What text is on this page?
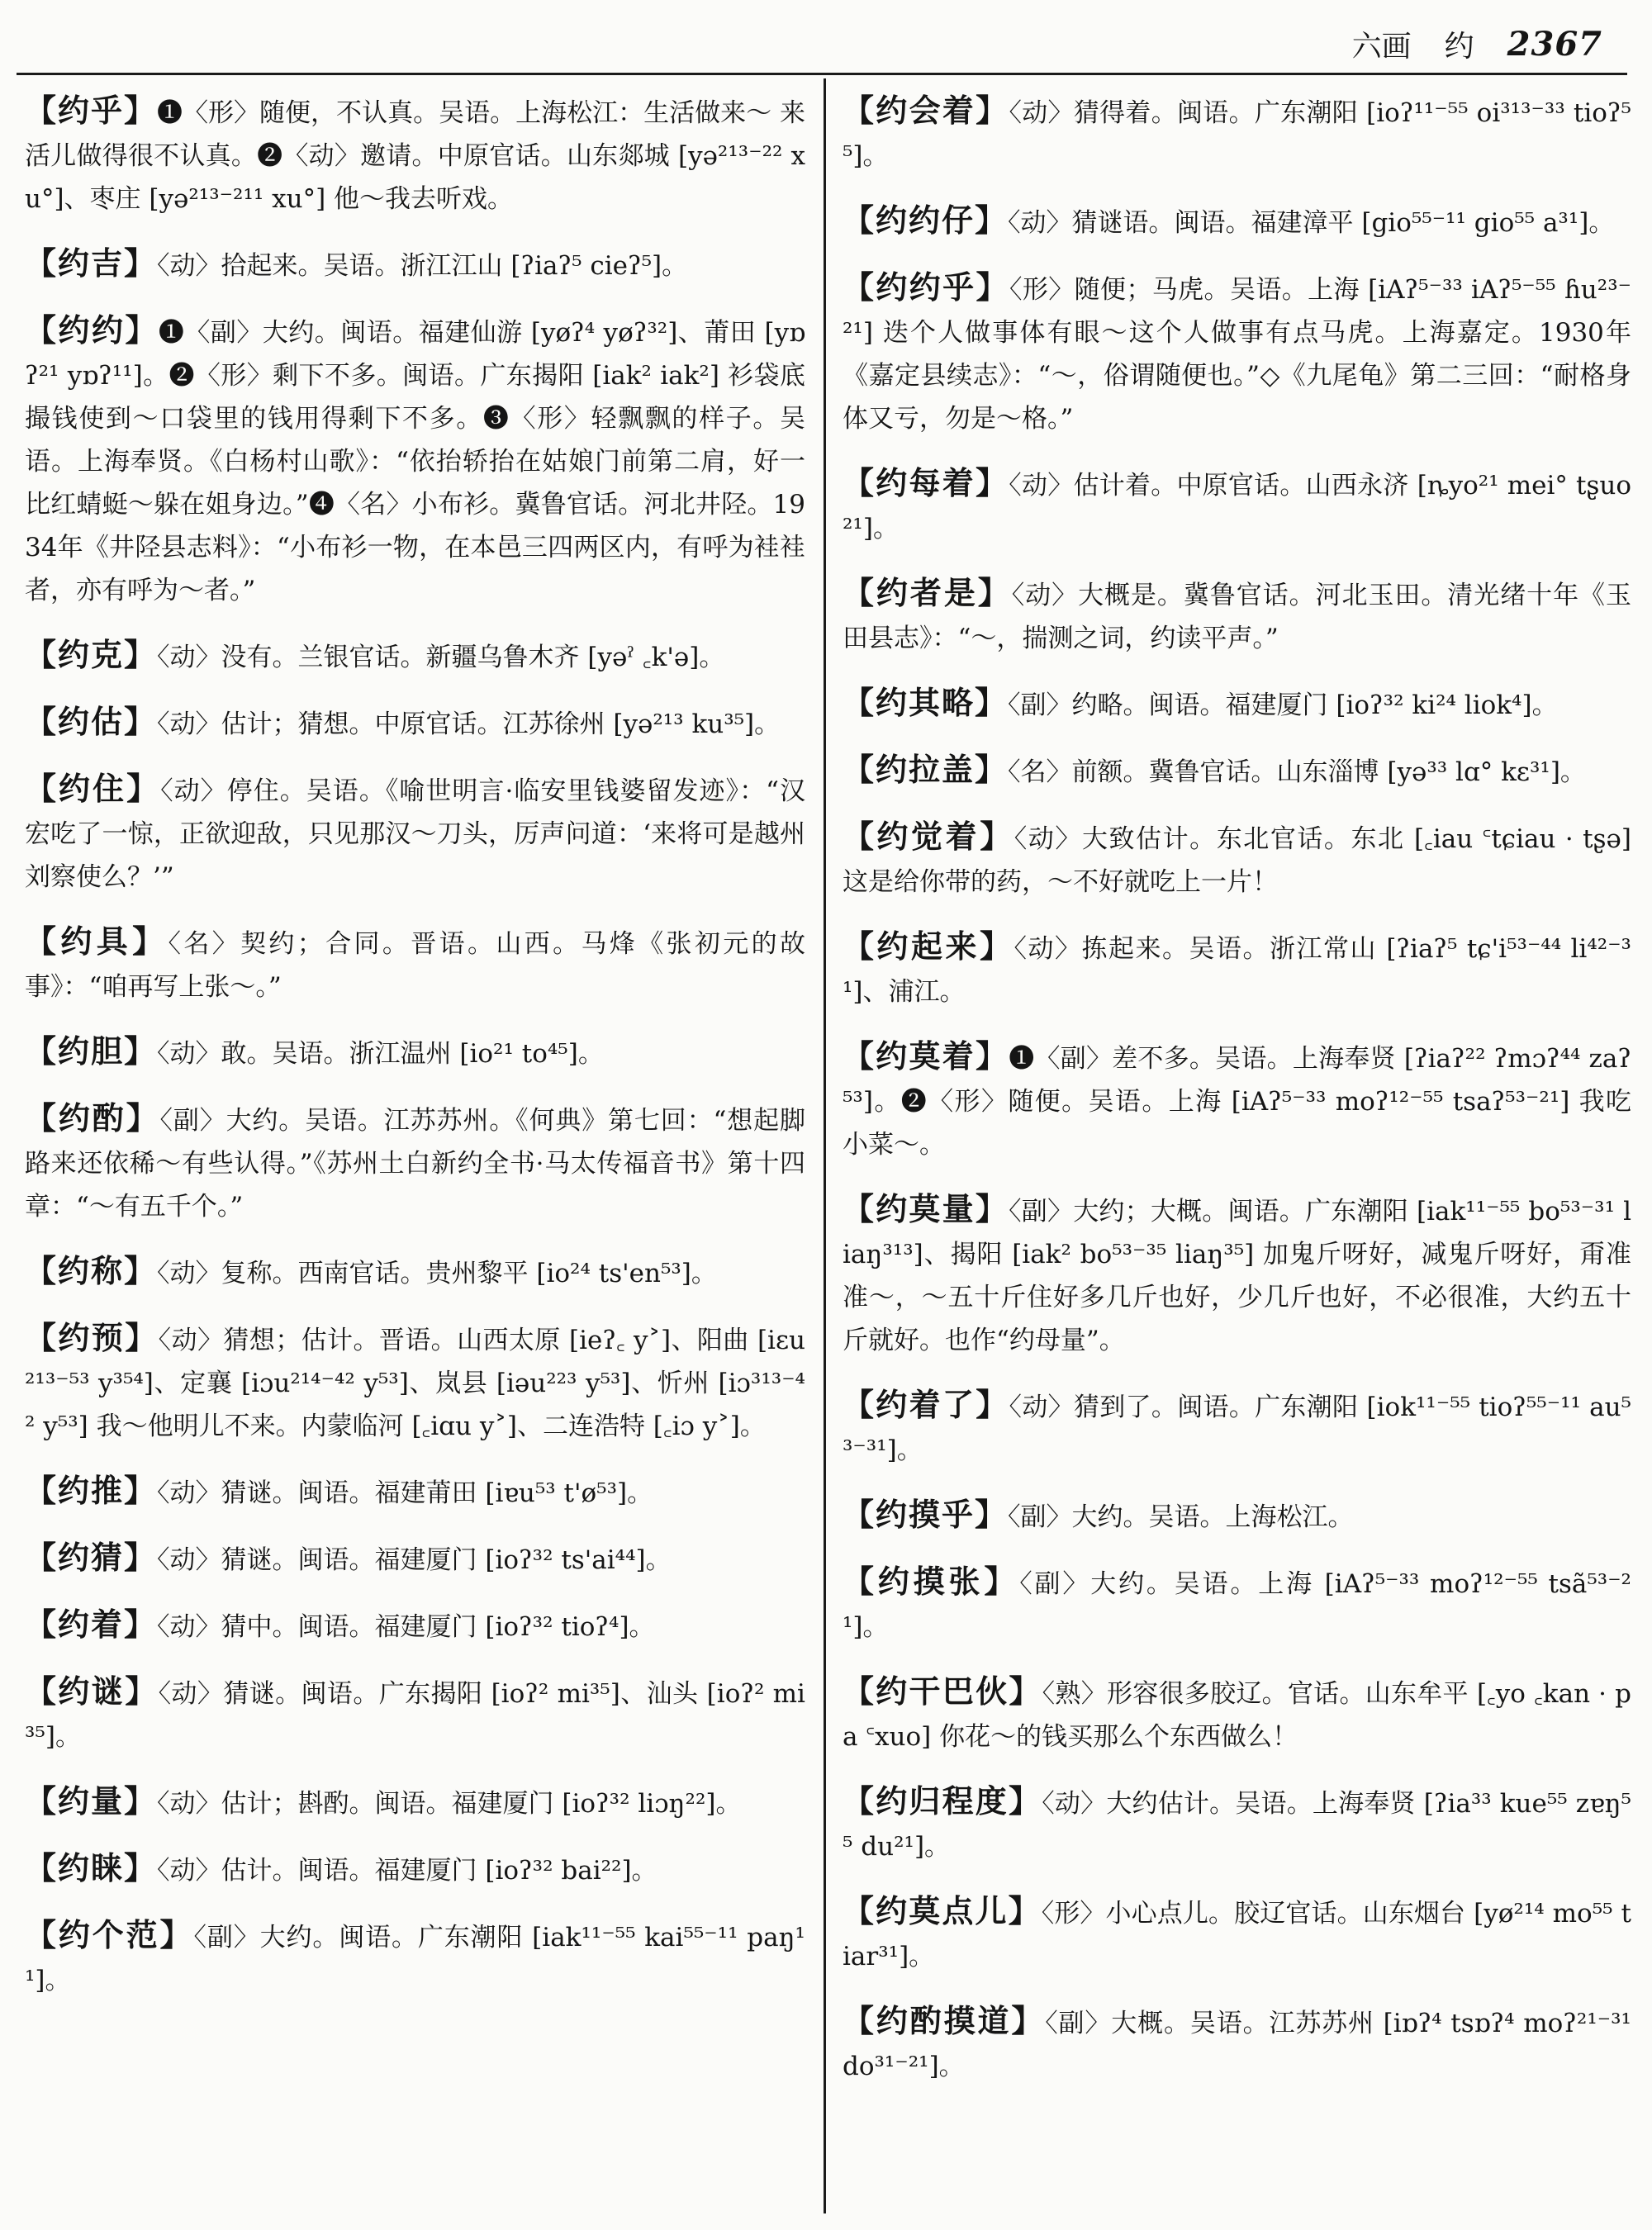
六画 约 2367

【约乎】❶〈形〉随便，不认真。吴语。上海松江：生活做来～ 来活儿做得很不认真。❷〈动〉邀请。中原官话。山东郯城 [yə²¹³⁻²² xu°]、枣庄 [yə²¹³⁻²¹¹ xu°] 他～我去听戏。

【约吉】〈动〉拾起来。吴语。浙江江山 [ʔiaʔ⁵ cieʔ⁵]。

【约约】❶〈副〉大约。闽语。福建仙游 [yøʔ⁴ yøʔ³²]、莆田 [yɒʔ²¹ yɒʔ¹¹]。❷〈形〉剩下不多。闽语。广东揭阳 [iak² iak²] 衫袋底撮钱使到～口袋里的钱用得剩下不多。❸〈形〉轻飘飘的样子。吴语。上海奉贤。《白杨村山歌》：“依抬轿抬在姑娘门前第二肩，好一比红蜻蜓～躲在姐身边。”❹〈名〉小布衫。冀鲁官话。河北井陉。1934年《井陉县志料》：“小布衫一物，在本邑三四两区内，有呼为袿袿者，亦有呼为～者。”

【约克】〈动〉没有。兰银官话。新疆乌鲁木齐 [yəˀ ꜀k'ə]。

【约估】〈动〉估计；猜想。中原官话。江苏徐州 [yə²¹³ ku³⁵]。

【约住】〈动〉停住。吴语。《喻世明言·临安里钱婆留发迹》：“汉宏吃了一惊，正欲迎敌，只见那汉～刀头，厉声问道：‘来将可是越州刘察使么？’”

【约具】〈名〉契约；合同。晋语。山西。马烽《张初元的故事》：“咱再写上张～。”

【约胆】〈动〉敢。吴语。浙江温州 [io²¹ to⁴⁵]。

【约酌】〈副〉大约。吴语。江苏苏州。《何典》第七回：“想起脚路来还依稀～有些认得。”《苏州土白新约全书·马太传福音书》第十四章：“～有五千个。”

【约称】〈动〉复称。西南官话。贵州黎平 [io²⁴ ts'en⁵³]。

【约预】〈动〉猜想；估计。晋语。山西太原 [ieʔ꜀ y˃]、阳曲 [iɛu²¹³⁻⁵³ y³⁵⁴]、定襄 [iɔu²¹⁴⁻⁴² y⁵³]、岚县 [iəu²²³ y⁵³]、忻州 [iɔ³¹³⁻⁴² y⁵³] 我～他明儿不来。内蒙临河 [꜀iɑu y˃]、二连浩特 [꜀iɔ y˃]。

【约推】〈动〉猜谜。闽语。福建莆田 [iɐu⁵³ t'ø⁵³]。

【约猜】〈动〉猜谜。闽语。福建厦门 [ioʔ³² ts'ai⁴⁴]。

【约着】〈动〉猜中。闽语。福建厦门 [ioʔ³² tioʔ⁴]。

【约谜】〈动〉猜谜。闽语。广东揭阳 [ioʔ² mi³⁵]、汕头 [ioʔ² mi³⁵]。

【约量】〈动〉估计；斟酌。闽语。福建厦门 [ioʔ³² liɔŋ²²]。

【约睐】〈动〉估计。闽语。福建厦门 [ioʔ³² bai²²]。

【约个范】〈副〉大约。闽语。广东潮阳 [iak¹¹⁻⁵⁵ kai⁵⁵⁻¹¹ paŋ¹¹]。

【约会着】〈动〉猜得着。闽语。广东潮阳 [ioʔ¹¹⁻⁵⁵ oi³¹³⁻³³ tioʔ⁵⁵]。

【约约仔】〈动〉猜谜语。闽语。福建漳平 [gio⁵⁵⁻¹¹ gio⁵⁵ a³¹]。

【约约乎】〈形〉随便；马虎。吴语。上海 [iAʔ⁵⁻³³ iAʔ⁵⁻⁵⁵ ɦu²³⁻²¹] 迭个人做事体有眼～这个人做事有点马虎。上海嘉定。1930年《嘉定县续志》：“～，俗谓随便也。”◇《九尾龟》第二三回：“耐格身体又亏，勿是～格。”

【约每着】〈动〉估计着。中原官话。山西永济 [ȵyo²¹ mei° tʂuo²¹]。

【约者是】〈动〉大概是。冀鲁官话。河北玉田。清光绪十年《玉田县志》：“～，揣测之词，约读平声。”

【约其略】〈副〉约略。闽语。福建厦门 [ioʔ³² ki²⁴ liok⁴]。

【约拉盖】〈名〉前额。冀鲁官话。山东淄博 [yə³³ lɑ° kɛ³¹]。

【约觉着】〈动〉大致估计。东北官话。东北 [꜀iau ꜂tɕiau · tʂə] 这是给你带的药，～不好就吃上一片！

【约起来】〈动〉拣起来。吴语。浙江常山 [ʔiaʔ⁵ tɕ'i⁵³⁻⁴⁴ li⁴²⁻³¹]、浦江。

【约莫着】❶〈副〉差不多。吴语。上海奉贤 [ʔiaʔ²² ʔmɔʔ⁴⁴ zaʔ⁵³]。❷〈形〉随便。吴语。上海 [iAʔ⁵⁻³³ moʔ¹²⁻⁵⁵ tsaʔ⁵³⁻²¹] 我吃小菜～。

【约莫量】〈副〉大约；大概。闽语。广东潮阳 [iak¹¹⁻⁵⁵ bo⁵³⁻³¹ liaŋ³¹³]、揭阳 [iak² bo⁵³⁻³⁵ liaŋ³⁵] 加鬼斤呀好，减鬼斤呀好，甭准准～，～五十斤住好多几斤也好，少几斤也好，不必很准，大约五十斤就好。也作“约母量”。

【约着了】〈动〉猜到了。闽语。广东潮阳 [iok¹¹⁻⁵⁵ tioʔ⁵⁵⁻¹¹ au⁵³⁻³¹]。

【约摸乎】〈副〉大约。吴语。上海松江。

【约摸张】〈副〉大约。吴语。上海 [iAʔ⁵⁻³³ moʔ¹²⁻⁵⁵ tsã⁵³⁻²¹]。

【约干巴伙】〈熟〉形容很多胶辽。官话。山东牟平 [꜀yo ꜀kan · pa ꜂xuo] 你花～的钱买那么个东西做么！

【约归程度】〈动〉大约估计。吴语。上海奉贤 [ʔia³³ kue⁵⁵ zɐŋ⁵⁵ du²¹]。

【约莫点儿】〈形〉小心点儿。胶辽官话。山东烟台 [yø²¹⁴ mo⁵⁵ tiar³¹]。

【约酌摸道】〈副〉大概。吴语。江苏苏州 [iɒʔ⁴ tsɒʔ⁴ moʔ²¹⁻³¹ do³¹⁻²¹]。
